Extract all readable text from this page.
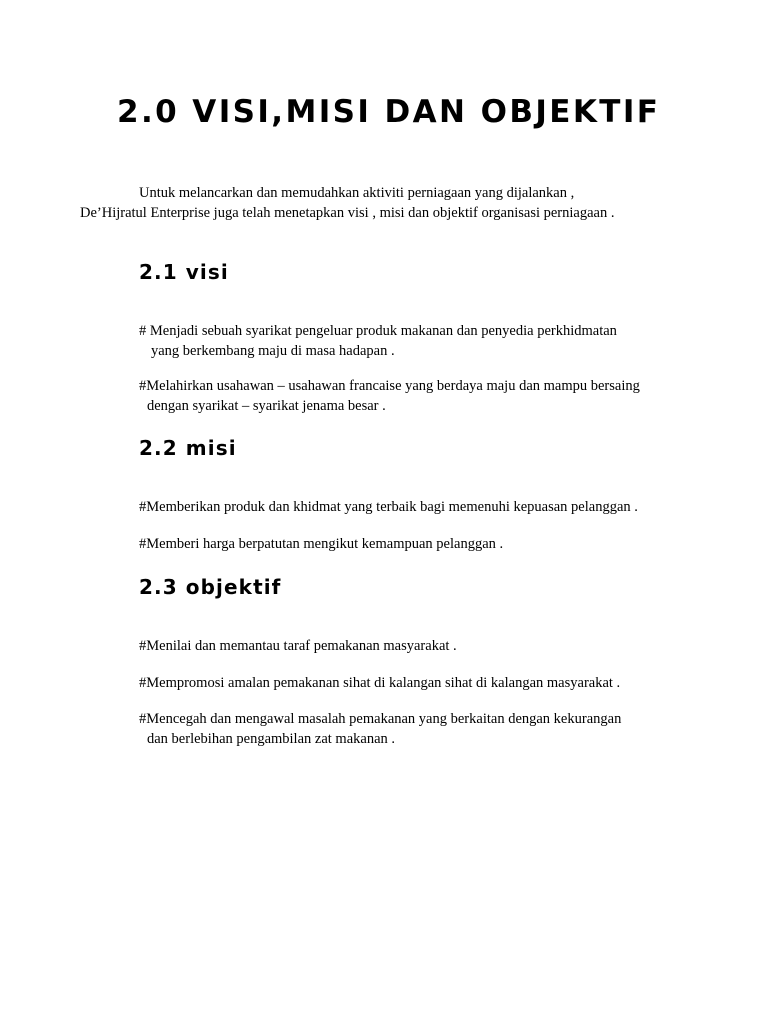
2.0 VISI,MISI DAN OBJEKTIF
Untuk melancarkan dan memudahkan aktiviti perniagaan yang dijalankan ,
De’Hijratul Enterprise juga telah menetapkan visi , misi dan objektif organisasi perniagaan .
2.1 visi
# Menjadi sebuah syarikat pengeluar produk makanan dan penyedia perkhidmatan
yang berkembang maju di masa hadapan .
#Melahirkan usahawan – usahawan francaise yang berdaya maju dan mampu bersaing
dengan syarikat – syarikat jenama besar .
2.2 misi
#Memberikan produk dan khidmat yang terbaik bagi memenuhi kepuasan pelanggan .
#Memberi harga berpatutan mengikut kemampuan pelanggan .
2.3 objektif
#Menilai dan memantau taraf pemakanan masyarakat .
#Mempromosi amalan pemakanan sihat di kalangan sihat di kalangan masyarakat .
#Mencegah dan mengawal masalah pemakanan yang berkaitan dengan kekurangan
dan berlebihan pengambilan zat makanan .
